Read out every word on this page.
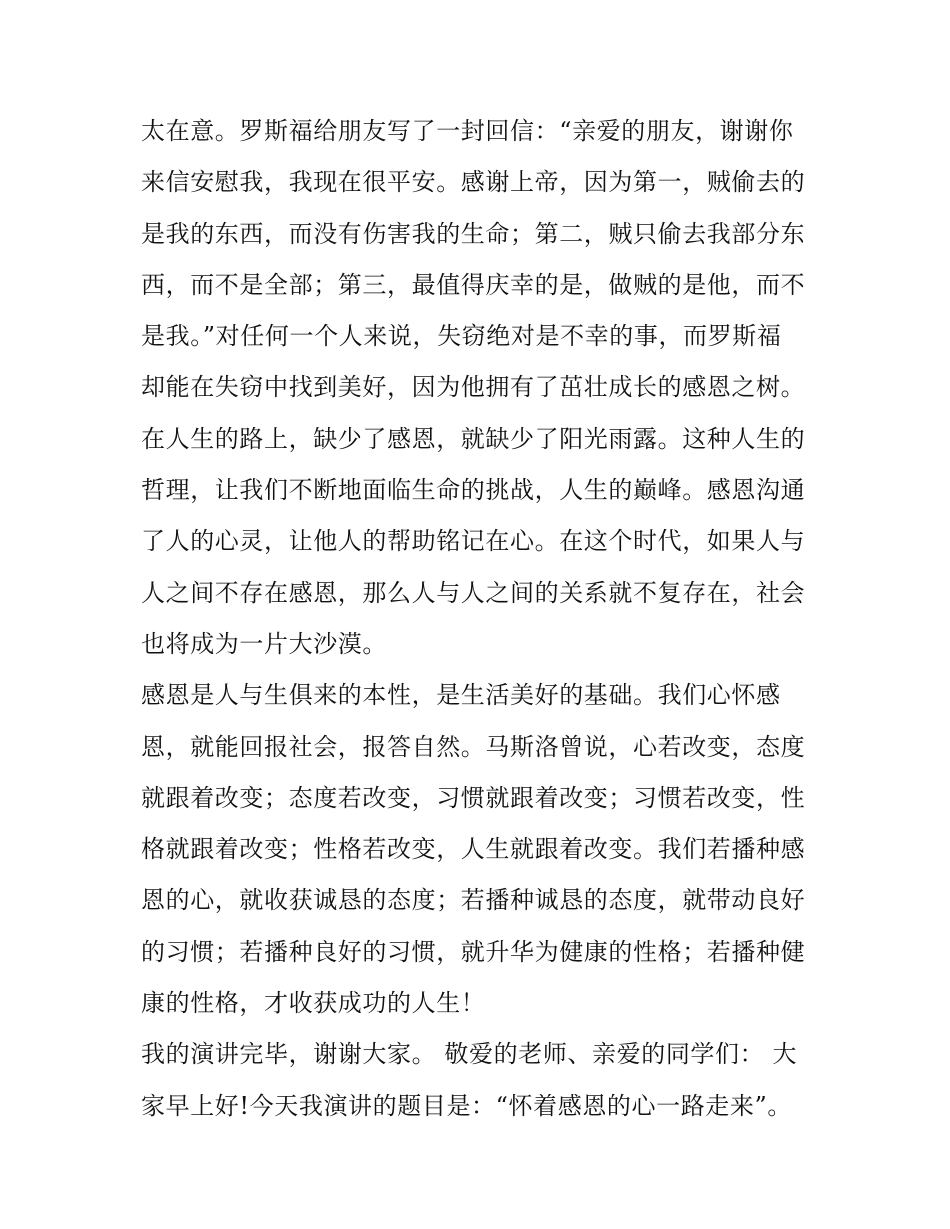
太在意。罗斯福给朋友写了一封回信：“亲爱的朋友，谢谢你
来信安慰我，我现在很平安。感谢上帝，因为第一，贼偷去的
是我的东西，而没有伤害我的生命；第二，贼只偷去我部分东
西，而不是全部；第三，最值得庆幸的是，做贼的是他，而不
是我。”对任何一个人来说，失窃绝对是不幸的事，而罗斯福
却能在失窃中找到美好，因为他拥有了茁壮成长的感恩之树。
在人生的路上，缺少了感恩，就缺少了阳光雨露。这种人生的
哲理，让我们不断地面临生命的挑战，人生的巅峰。感恩沟通
了人的心灵，让他人的帮助铭记在心。在这个时代，如果人与
人之间不存在感恩，那么人与人之间的关系就不复存在，社会
也将成为一片大沙漠。
感恩是人与生俱来的本性，是生活美好的基础。我们心怀感
恩，就能回报社会，报答自然。马斯洛曾说，心若改变，态度
就跟着改变；态度若改变，习惯就跟着改变；习惯若改变，性
格就跟着改变；性格若改变，人生就跟着改变。我们若播种感
恩的心，就收获诚恳的态度；若播种诚恳的态度，就带动良好
的习惯；若播种良好的习惯，就升华为健康的性格；若播种健
康的性格，才收获成功的人生！
我的演讲完毕，谢谢大家。 敬爱的老师、亲爱的同学们： 大
家早上好!今天我演讲的题目是：“怀着感恩的心一路走来”。
